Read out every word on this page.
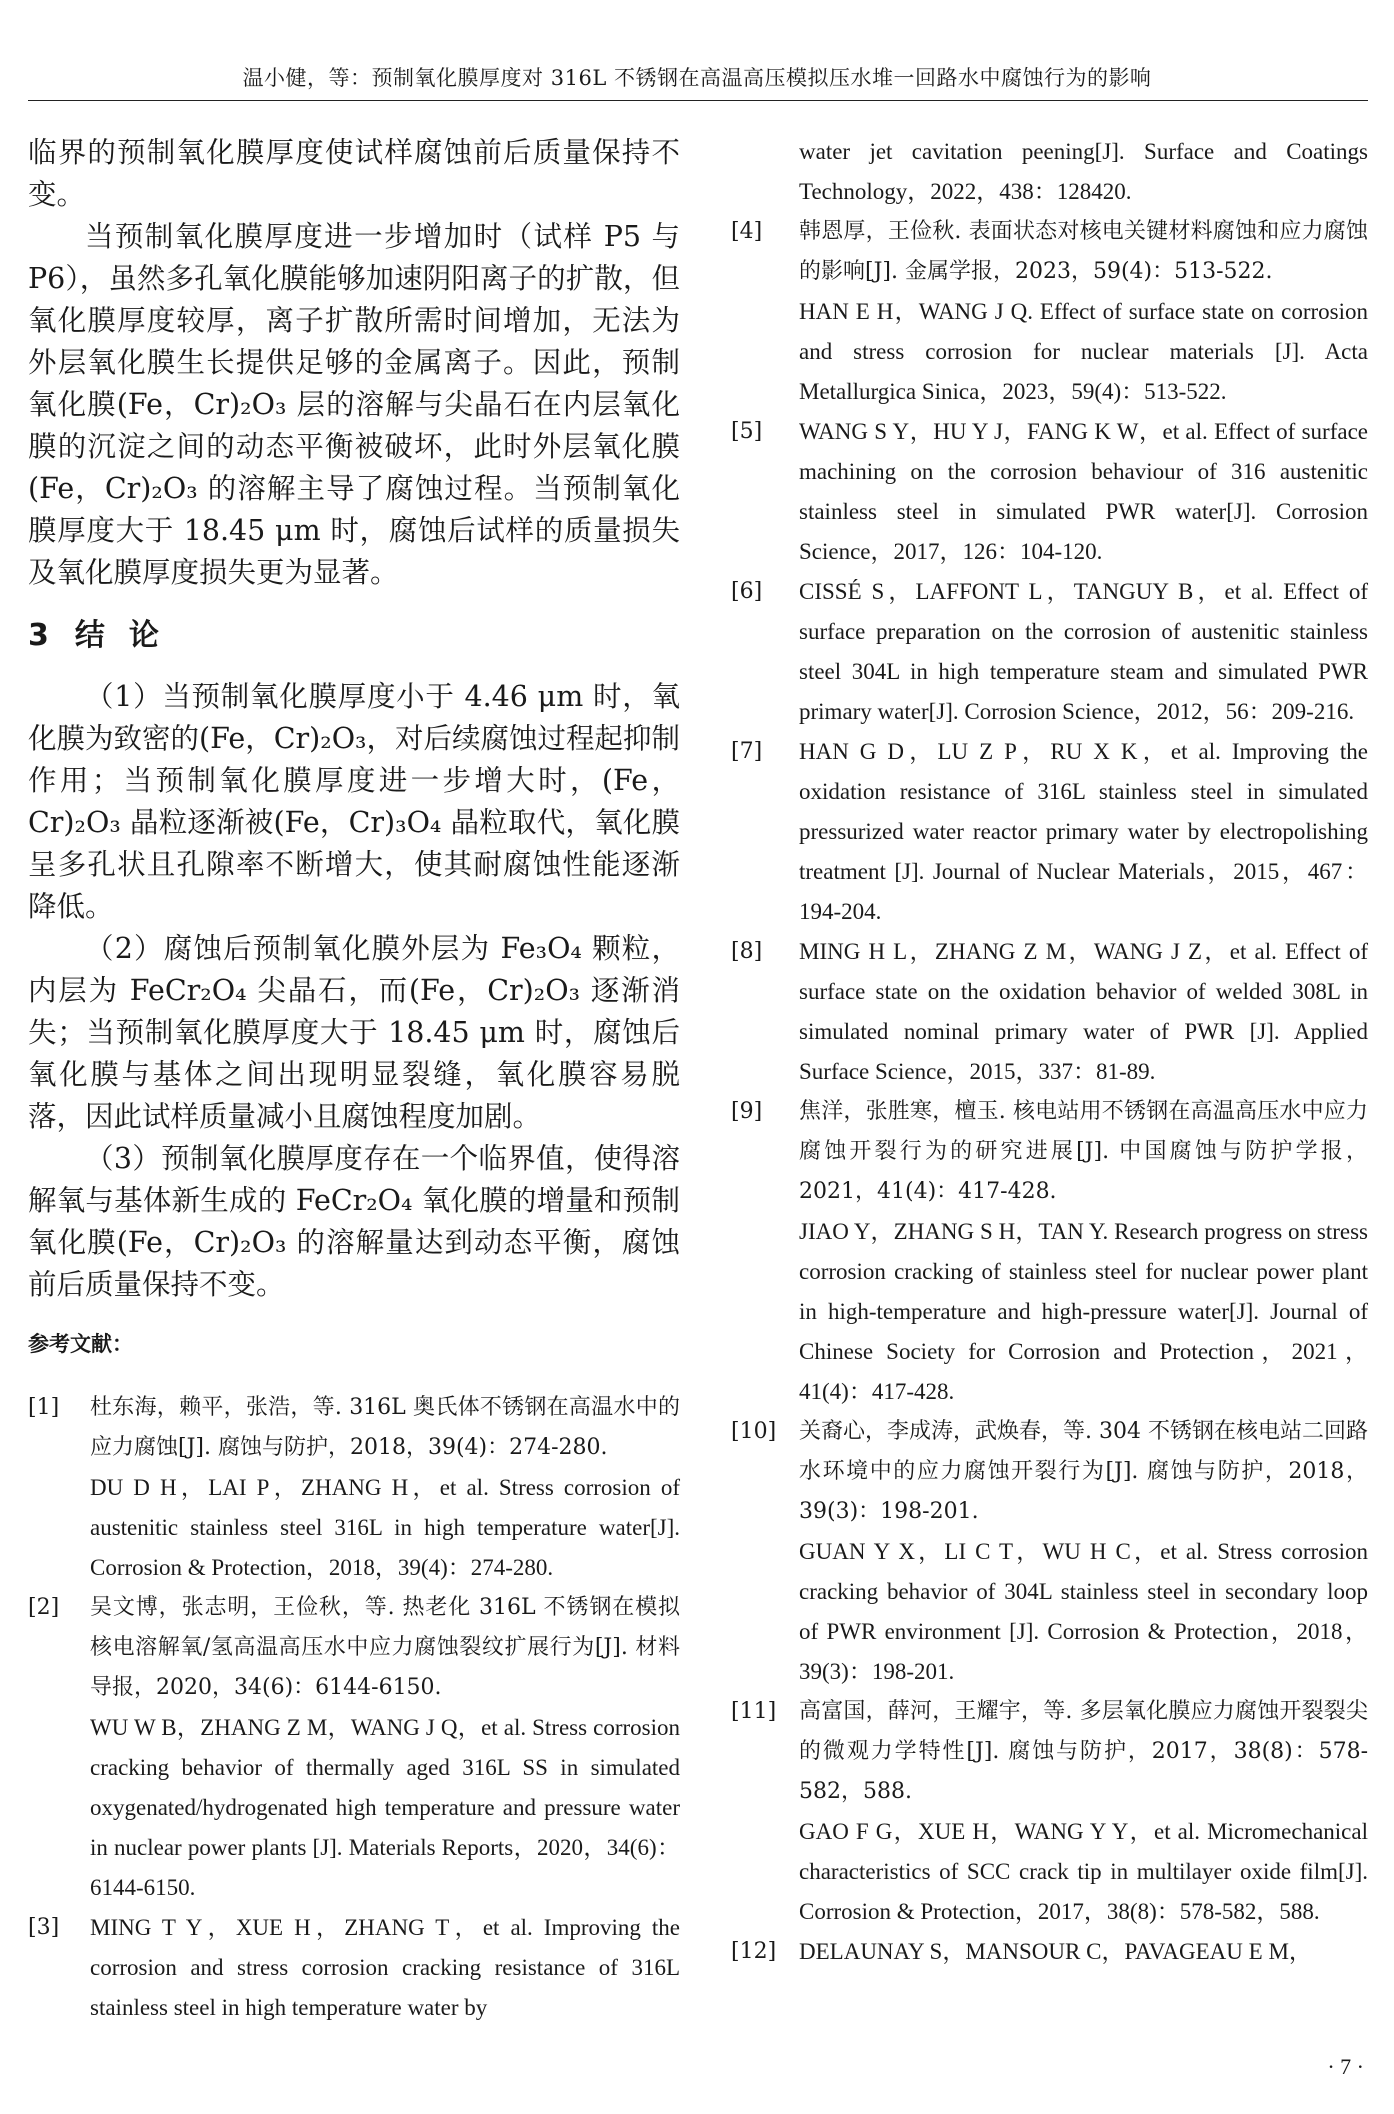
温小健，等：预制氧化膜厚度对 316L 不锈钢在高温高压模拟压水堆一回路水中腐蚀行为的影响

临界的预制氧化膜厚度使试样腐蚀前后质量保持不变。

当预制氧化膜厚度进一步增加时（试样 P5 与 P6），虽然多孔氧化膜能够加速阴阳离子的扩散，但氧化膜厚度较厚，离子扩散所需时间增加，无法为外层氧化膜生长提供足够的金属离子。因此，预制氧化膜(Fe，Cr)₂O₃ 层的溶解与尖晶石在内层氧化膜的沉淀之间的动态平衡被破坏，此时外层氧化膜(Fe，Cr)₂O₃ 的溶解主导了腐蚀过程。当预制氧化膜厚度大于 18.45 μm 时，腐蚀后试样的质量损失及氧化膜厚度损失更为显著。

3 结论

（1）当预制氧化膜厚度小于 4.46 μm 时，氧化膜为致密的(Fe，Cr)₂O₃，对后续腐蚀过程起抑制作用；当预制氧化膜厚度进一步增大时，(Fe，Cr)₂O₃ 晶粒逐渐被(Fe，Cr)₃O₄ 晶粒取代，氧化膜呈多孔状且孔隙率不断增大，使其耐腐蚀性能逐渐降低。

（2）腐蚀后预制氧化膜外层为 Fe₃O₄ 颗粒，内层为 FeCr₂O₄ 尖晶石，而(Fe，Cr)₂O₃ 逐渐消失；当预制氧化膜厚度大于 18.45 μm 时，腐蚀后氧化膜与基体之间出现明显裂缝，氧化膜容易脱落，因此试样质量减小且腐蚀程度加剧。

（3）预制氧化膜厚度存在一个临界值，使得溶解氧与基体新生成的 FeCr₂O₄ 氧化膜的增量和预制氧化膜(Fe，Cr)₂O₃ 的溶解量达到动态平衡，腐蚀前后质量保持不变。

参考文献：
[1]	杜东海，赖平，张浩，等. 316L 奥氏体不锈钢在高温水中的应力腐蚀[J]. 腐蚀与防护，2018，39(4)：274-280.

DU D H，LAI P，ZHANG H，et al. Stress corrosion of austenitic stainless steel 316L in high temperature water[J]. Corrosion & Protection，2018，39(4)：274-280.

[2]	吴文博，张志明，王俭秋，等. 热老化 316L 不锈钢在模拟核电溶解氧/氢高温高压水中应力腐蚀裂纹扩展行为[J]. 材料导报，2020，34(6)：6144-6150.

WU W B，ZHANG Z M，WANG J Q，et al. Stress corrosion cracking behavior of thermally aged 316L SS in simulated oxygenated/hydrogenated high temperature and pressure water in nuclear power plants [J]. Materials Reports，2020，34(6)：6144-6150.

[3]	MING T Y，XUE H，ZHANG T，et al. Improving the corrosion and stress corrosion cracking resistance of 316L stainless steel in high temperature water by

water jet cavitation peening[J]. Surface and Coatings Technology，2022，438：128420.

[4]	韩恩厚，王俭秋. 表面状态对核电关键材料腐蚀和应力腐蚀的影响[J]. 金属学报，2023，59(4)：513-522.

HAN E H，WANG J Q. Effect of surface state on corrosion and stress corrosion for nuclear materials [J]. Acta Metallurgica Sinica，2023，59(4)：513-522.

[5]	WANG S Y，HU Y J，FANG K W，et al. Effect of surface machining on the corrosion behaviour of 316 austenitic stainless steel in simulated PWR water[J]. Corrosion Science，2017，126：104-120.

[6]	CISSÉ S，LAFFONT L，TANGUY B，et al. Effect of surface preparation on the corrosion of austenitic stainless steel 304L in high temperature steam and simulated PWR primary water[J]. Corrosion Science，2012，56：209-216.

[7]	HAN G D，LU Z P，RU X K，et al. Improving the oxidation resistance of 316L stainless steel in simulated pressurized water reactor primary water by electropolishing treatment [J]. Journal of Nuclear Materials，2015，467：194-204.

[8]	MING H L，ZHANG Z M，WANG J Z，et al. Effect of surface state on the oxidation behavior of welded 308L in simulated nominal primary water of PWR [J]. Applied Surface Science，2015，337：81-89.

[9]	焦洋，张胜寒，檀玉. 核电站用不锈钢在高温高压水中应力腐蚀开裂行为的研究进展[J]. 中国腐蚀与防护学报，2021，41(4)：417-428.

JIAO Y，ZHANG S H，TAN Y. Research progress on stress corrosion cracking of stainless steel for nuclear power plant in high-temperature and high-pressure water[J]. Journal of Chinese Society for Corrosion and Protection，2021，41(4)：417-428.

[10]	关裔心，李成涛，武焕春，等. 304 不锈钢在核电站二回路水环境中的应力腐蚀开裂行为[J]. 腐蚀与防护，2018，39(3)：198-201.

GUAN Y X，LI C T，WU H C，et al. Stress corrosion cracking behavior of 304L stainless steel in secondary loop of PWR environment [J]. Corrosion & Protection，2018，39(3)：198-201.

[11]	高富国，薛河，王耀宇，等. 多层氧化膜应力腐蚀开裂裂尖的微观力学特性[J]. 腐蚀与防护，2017，38(8)：578-582，588.

GAO F G，XUE H，WANG Y Y，et al. Micromechanical characteristics of SCC crack tip in multilayer oxide film[J]. Corrosion & Protection，2017，38(8)：578-582，588.

[12] DELAUNAY S，MANSOUR C，PAVAGEAU E M，

· 7 ·
